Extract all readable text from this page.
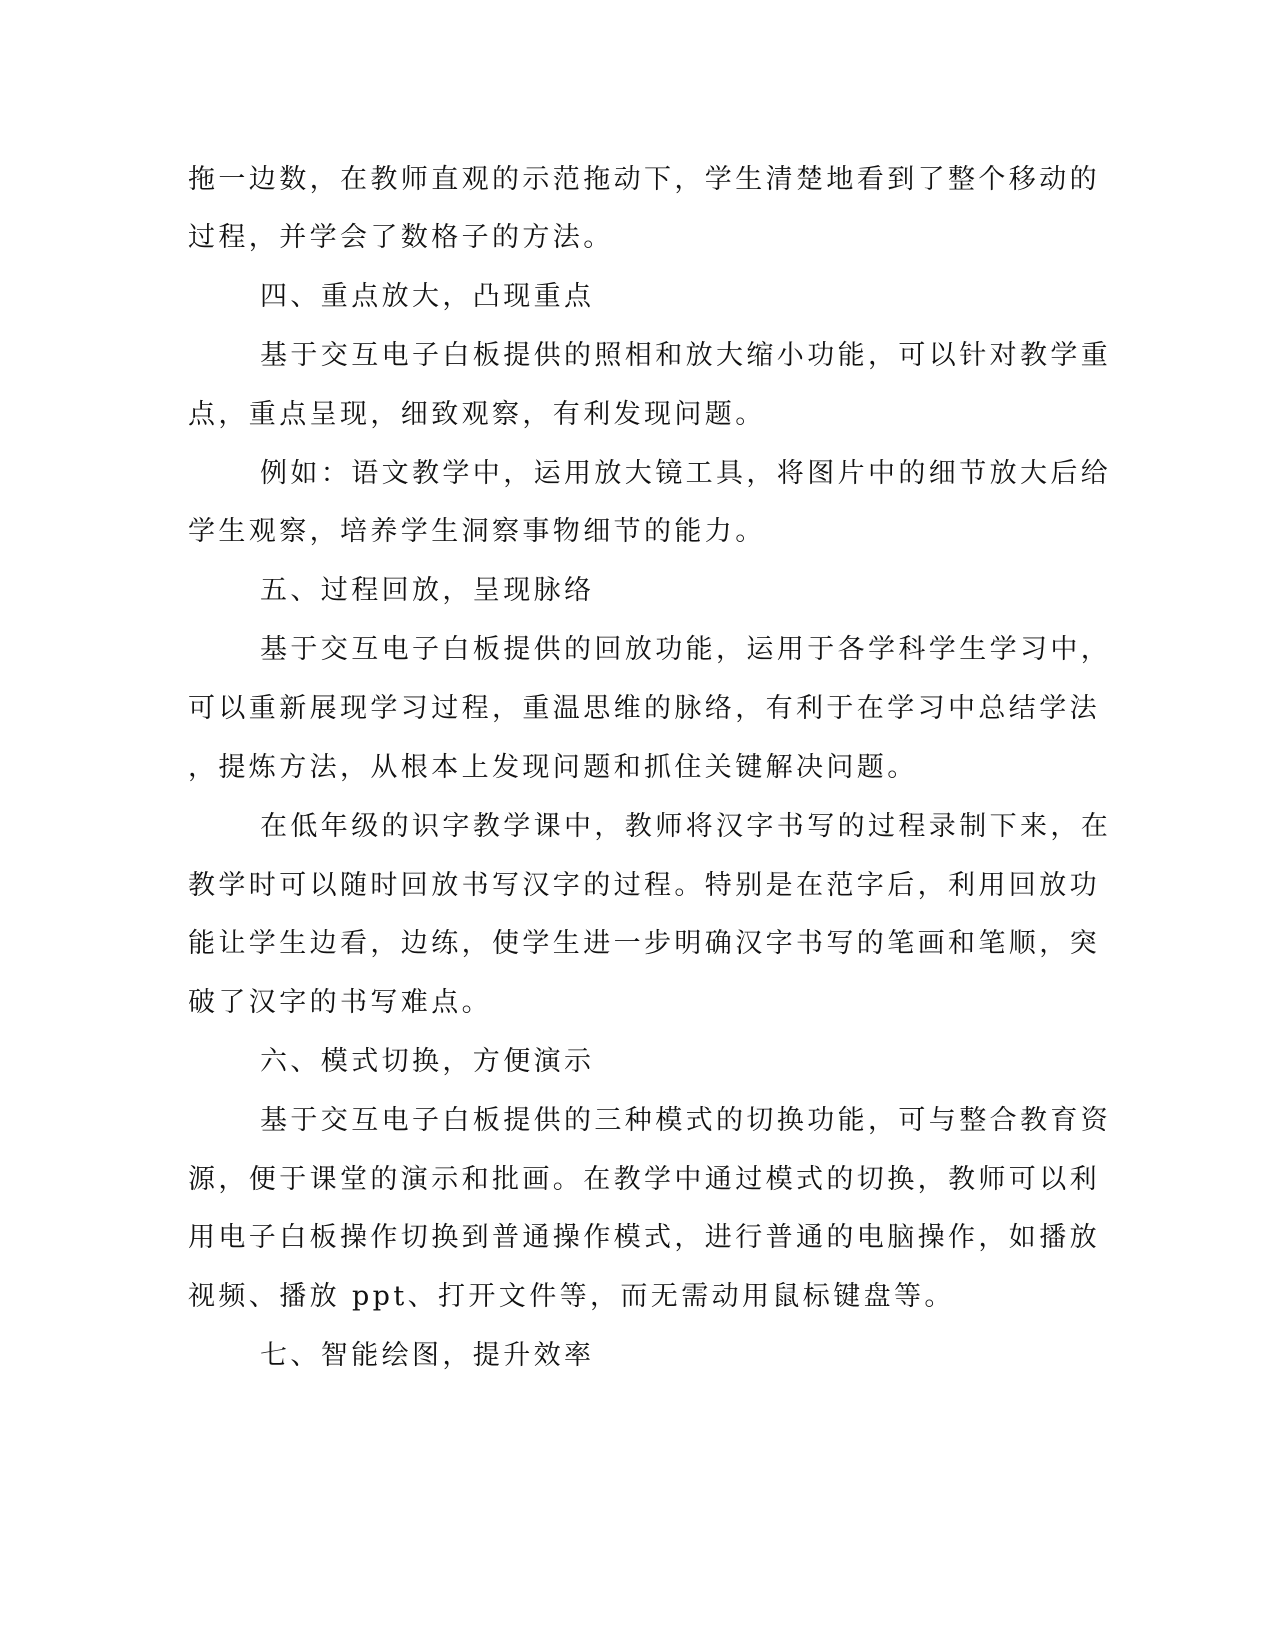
拖一边数，在教师直观的示范拖动下，学生清楚地看到了整个移动的
过程，并学会了数格子的方法。
四、重点放大，凸现重点
基于交互电子白板提供的照相和放大缩小功能，可以针对教学重
点，重点呈现，细致观察，有利发现问题。
例如：语文教学中，运用放大镜工具，将图片中的细节放大后给
学生观察，培养学生洞察事物细节的能力。
五、过程回放，呈现脉络
基于交互电子白板提供的回放功能，运用于各学科学生学习中，
可以重新展现学习过程，重温思维的脉络，有利于在学习中总结学法
，提炼方法，从根本上发现问题和抓住关键解决问题。
在低年级的识字教学课中，教师将汉字书写的过程录制下来，在
教学时可以随时回放书写汉字的过程。特别是在范字后，利用回放功
能让学生边看，边练，使学生进一步明确汉字书写的笔画和笔顺，突
破了汉字的书写难点。
六、模式切换，方便演示
基于交互电子白板提供的三种模式的切换功能，可与整合教育资
源，便于课堂的演示和批画。在教学中通过模式的切换，教师可以利
用电子白板操作切换到普通操作模式，进行普通的电脑操作，如播放
视频、播放 ppt、打开文件等，而无需动用鼠标键盘等。
七、智能绘图，提升效率
